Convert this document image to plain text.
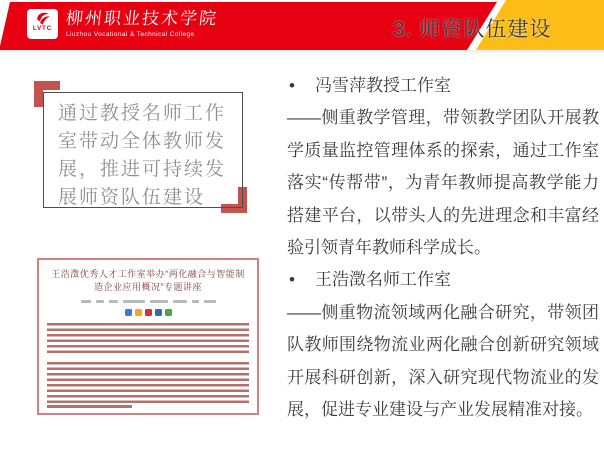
3. 师资队伍建设
LVTC 柳州职业技术学院
Liuzhou Vocational & Technical College
通过教授名师工作室带动全体教师发展，推进可持续发展师资队伍建设
王浩澂优秀人才工作室举办“两化融合与智能制造企业应用概况”专题讲座
• 冯雪萍教授工作室

——侧重教学管理，带领教学团队开展教学质量监控管理体系的探索，通过工作室落实“传帮带”，为青年教师提高教学能力搭建平台，以带头人的先进理念和丰富经验引领青年教师科学成长。

• 王浩澂名师工作室

——侧重物流领域两化融合研究，带领团队教师围绕物流业两化融合创新研究领域开展科研创新，深入研究现代物流业的发展，促进专业建设与产业发展精准对接。
